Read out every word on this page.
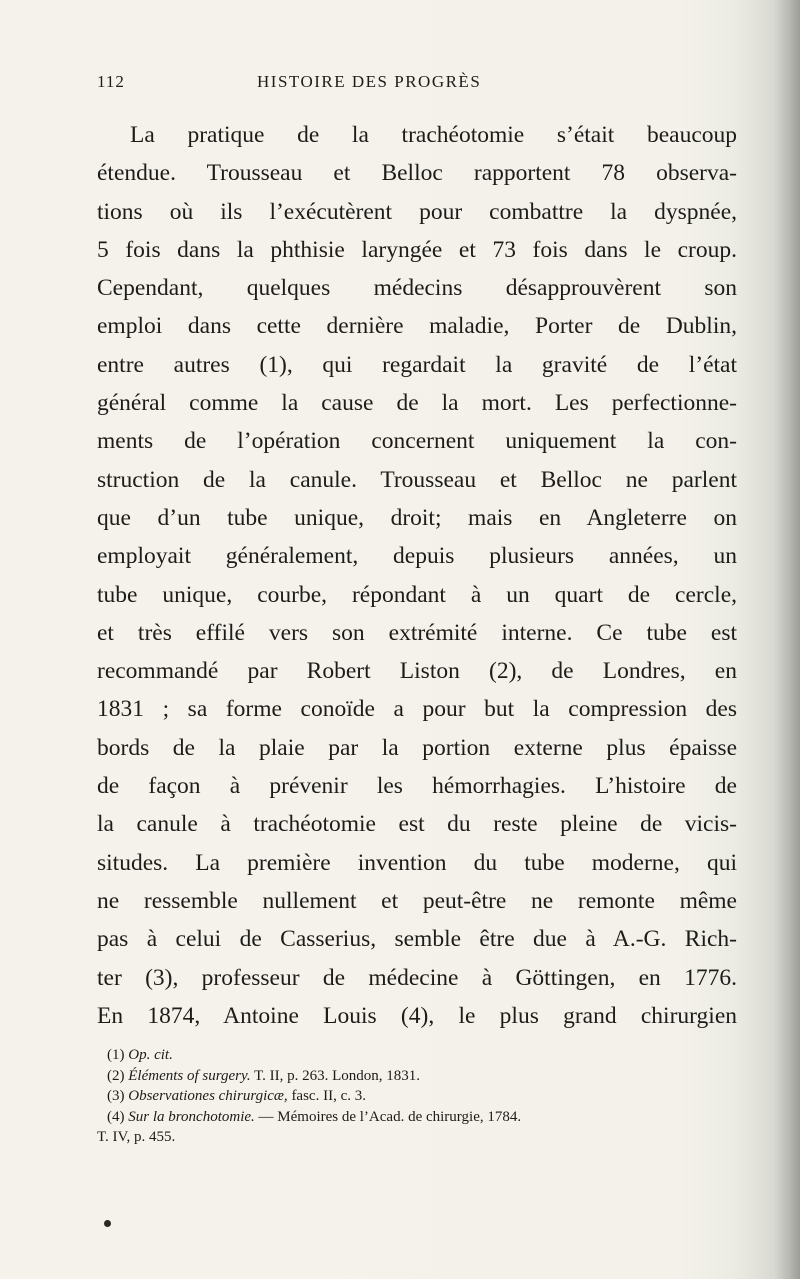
112	HISTOIRE DES PROGRÈS
La pratique de la trachéotomie s’était beaucoup
étendue. Trousseau et Belloc rapportent 78 observa-
tions où ils l’exécutèrent pour combattre la dyspnée,
5 fois dans la phthisie laryngée et 73 fois dans le croup.
Cependant, quelques médecins désapprouvèrent son
emploi dans cette dernière maladie, Porter de Dublin,
entre autres (1), qui regardait la gravité de l’état
général comme la cause de la mort. Les perfectionne-
ments de l’opération concernent uniquement la con-
struction de la canule. Trousseau et Belloc ne parlent
que d’un tube unique, droit; mais en Angleterre on
employait généralement, depuis plusieurs années, un
tube unique, courbe, répondant à un quart de cercle,
et très effilé vers son extrémité interne. Ce tube est
recommandé par Robert Liston (2), de Londres, en
1831 ; sa forme conoïde a pour but la compression des
bords de la plaie par la portion externe plus épaisse
de façon à prévenir les hémorrhagies. L’histoire de
la canule à trachéotomie est du reste pleine de vicis-
situdes. La première invention du tube moderne, qui
ne ressemble nullement et peut-être ne remonte même
pas à celui de Casserius, semble être due à A.-G. Rich-
ter (3), professeur de médecine à Göttingen, en 1776.
En 1874, Antoine Louis (4), le plus grand chirurgien
(1) Op. cit.
(2) Éléments of surgery. T. II, p. 263. London, 1831.
(3) Observationes chirurgicæ, fasc. II, c. 3.
(4) Sur la bronchotomie. — Mémoires de l’Acad. de chirurgie, 1784.
T. IV, p. 455.
